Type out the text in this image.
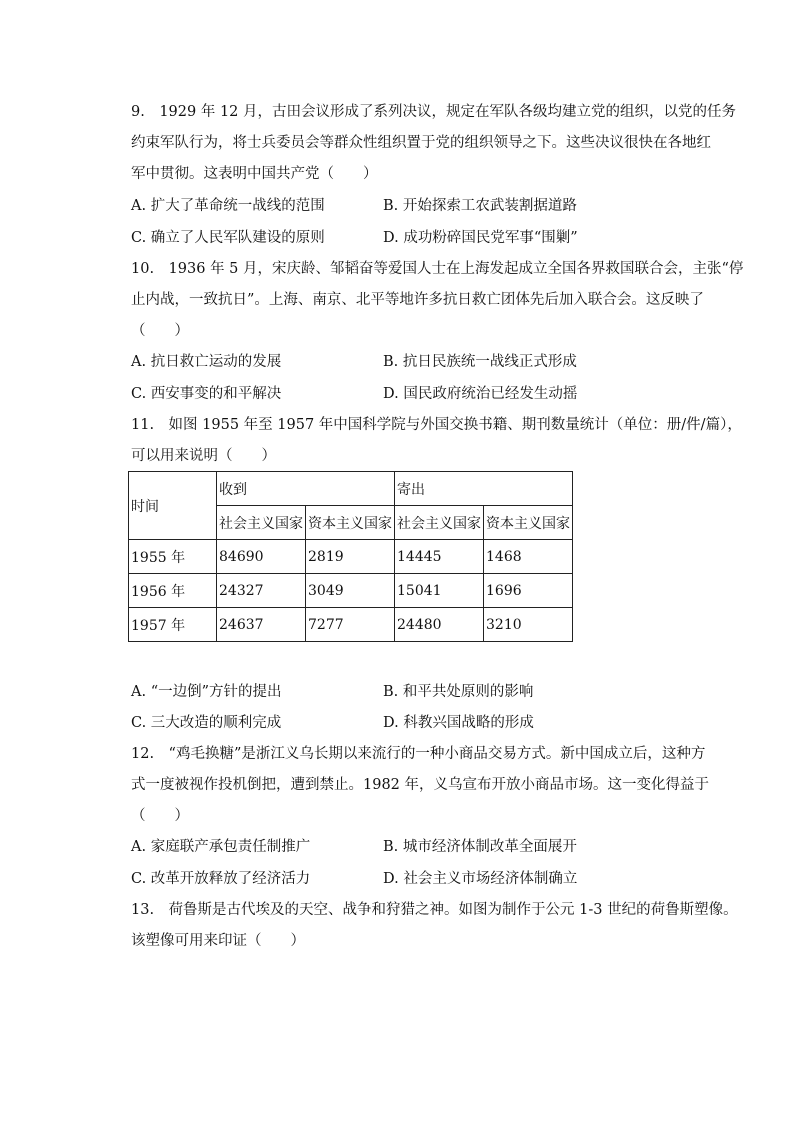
9.　1929 年 12 月，古田会议形成了系列决议，规定在军队各级均建立党的组织，以党的任务
约束军队行为，将士兵委员会等群众性组织置于党的组织领导之下。这些决议很快在各地红
军中贯彻。这表明中国共产党（　　）
A. 扩大了革命统一战线的范围	B. 开始探索工农武装割据道路
C. 确立了人民军队建设的原则	D. 成功粉碎国民党军事“围剿”
10.　1936 年 5 月，宋庆龄、邹韬奋等爱国人士在上海发起成立全国各界救国联合会，主张“停
止内战，一致抗日”。上海、南京、北平等地许多抗日救亡团体先后加入联合会。这反映了
（　　）
A. 抗日救亡运动的发展	B. 抗日民族统一战线正式形成
C. 西安事变的和平解决	D. 国民政府统治已经发生动摇
11.　如图 1955 年至 1957 年中国科学院与外国交换书籍、期刊数量统计（单位：册/件/篇），
可以用来说明（　　）
时间	收到		寄出	
	社会主义国家	资本主义国家	社会主义国家	资本主义国家
1955 年	84690	2819	14445	1468
1956 年	24327	3049	15041	1696
1957 年	24637	7277	24480	3210
A. “一边倒”方针的提出	B. 和平共处原则的影响
C. 三大改造的顺利完成	D. 科教兴国战略的形成
12.　“鸡毛换糖”是浙江义乌长期以来流行的一种小商品交易方式。新中国成立后，这种方
式一度被视作投机倒把，遭到禁止。1982 年，义乌宣布开放小商品市场。这一变化得益于
（　　）
A. 家庭联产承包责任制推广	B. 城市经济体制改革全面展开
C. 改革开放释放了经济活力	D. 社会主义市场经济体制确立
13.　荷鲁斯是古代埃及的天空、战争和狩猎之神。如图为制作于公元 1-3 世纪的荷鲁斯塑像。
该塑像可用来印证（　　）
